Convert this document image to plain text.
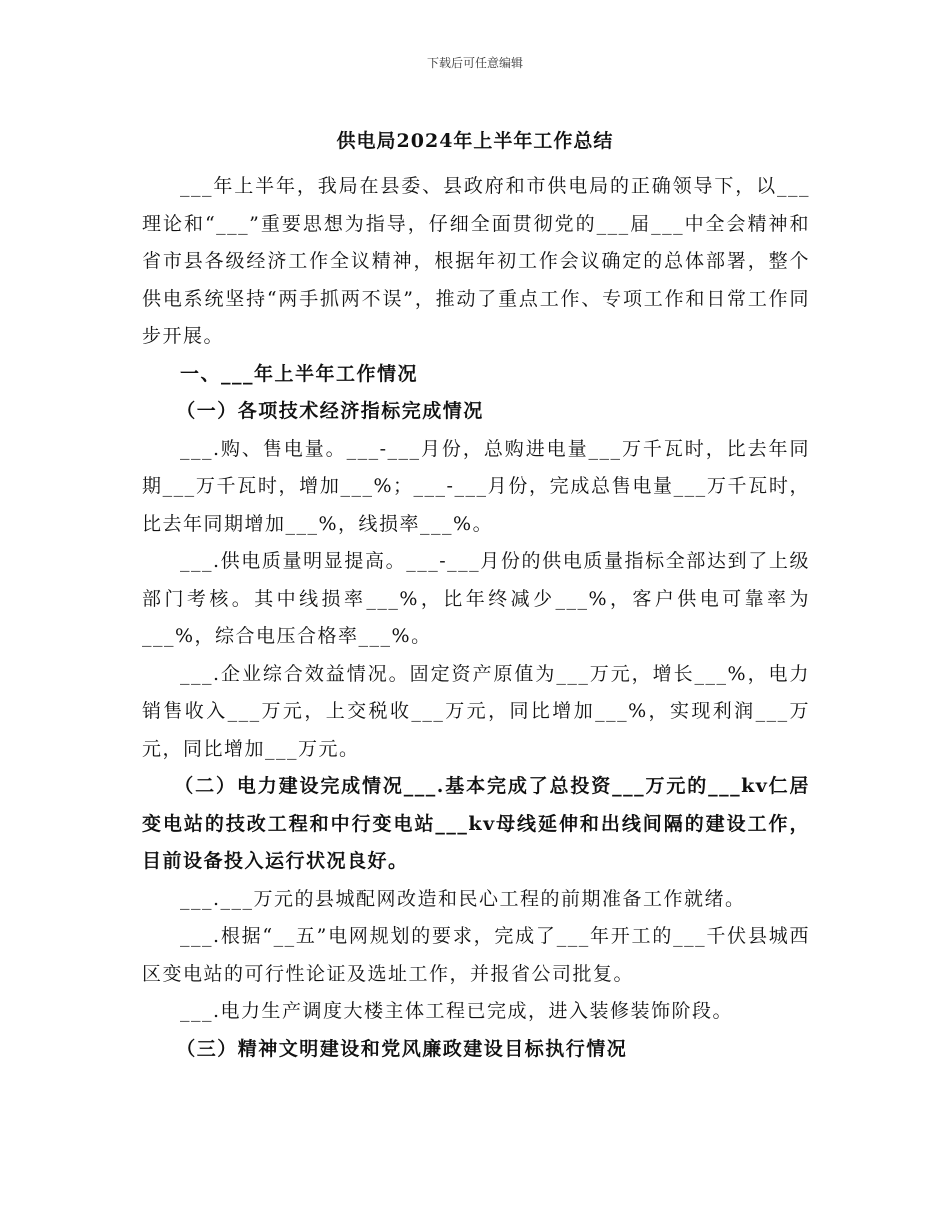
下载后可任意编辑
供电局2024年上半年工作总结

___年上半年，我局在县委、县政府和市供电局的正确领导下，以___理论和“___”重要思想为指导，仔细全面贯彻党的___届___中全会精神和省市县各级经济工作全议精神，根据年初工作会议确定的总体部署，整个供电系统坚持“两手抓两不误”，推动了重点工作、专项工作和日常工作同步开展。

一、___年上半年工作情况

（一）各项技术经济指标完成情况

___.购、售电量。___-___月份，总购进电量___万千瓦时，比去年同期___万千瓦时，增加___%；___-___月份，完成总售电量___万千瓦时，比去年同期增加___%，线损率___%。

___.供电质量明显提高。___-___月份的供电质量指标全部达到了上级部门考核。其中线损率___%，比年终减少___%，客户供电可靠率为___%，综合电压合格率___%。

___.企业综合效益情况。固定资产原值为___万元，增长___%，电力销售收入___万元，上交税收___万元，同比增加___%，实现利润___万元，同比增加___万元。

（二）电力建设完成情况___.基本完成了总投资___万元的___kv仁居变电站的技改工程和中行变电站___kv母线延伸和出线间隔的建设工作，目前设备投入运行状况良好。

___.___万元的县城配网改造和民心工程的前期准备工作就绪。

___.根据“__五”电网规划的要求，完成了___年开工的___千伏县城西区变电站的可行性论证及选址工作，并报省公司批复。

___.电力生产调度大楼主体工程已完成，进入装修装饰阶段。

（三）精神文明建设和党风廉政建设目标执行情况
